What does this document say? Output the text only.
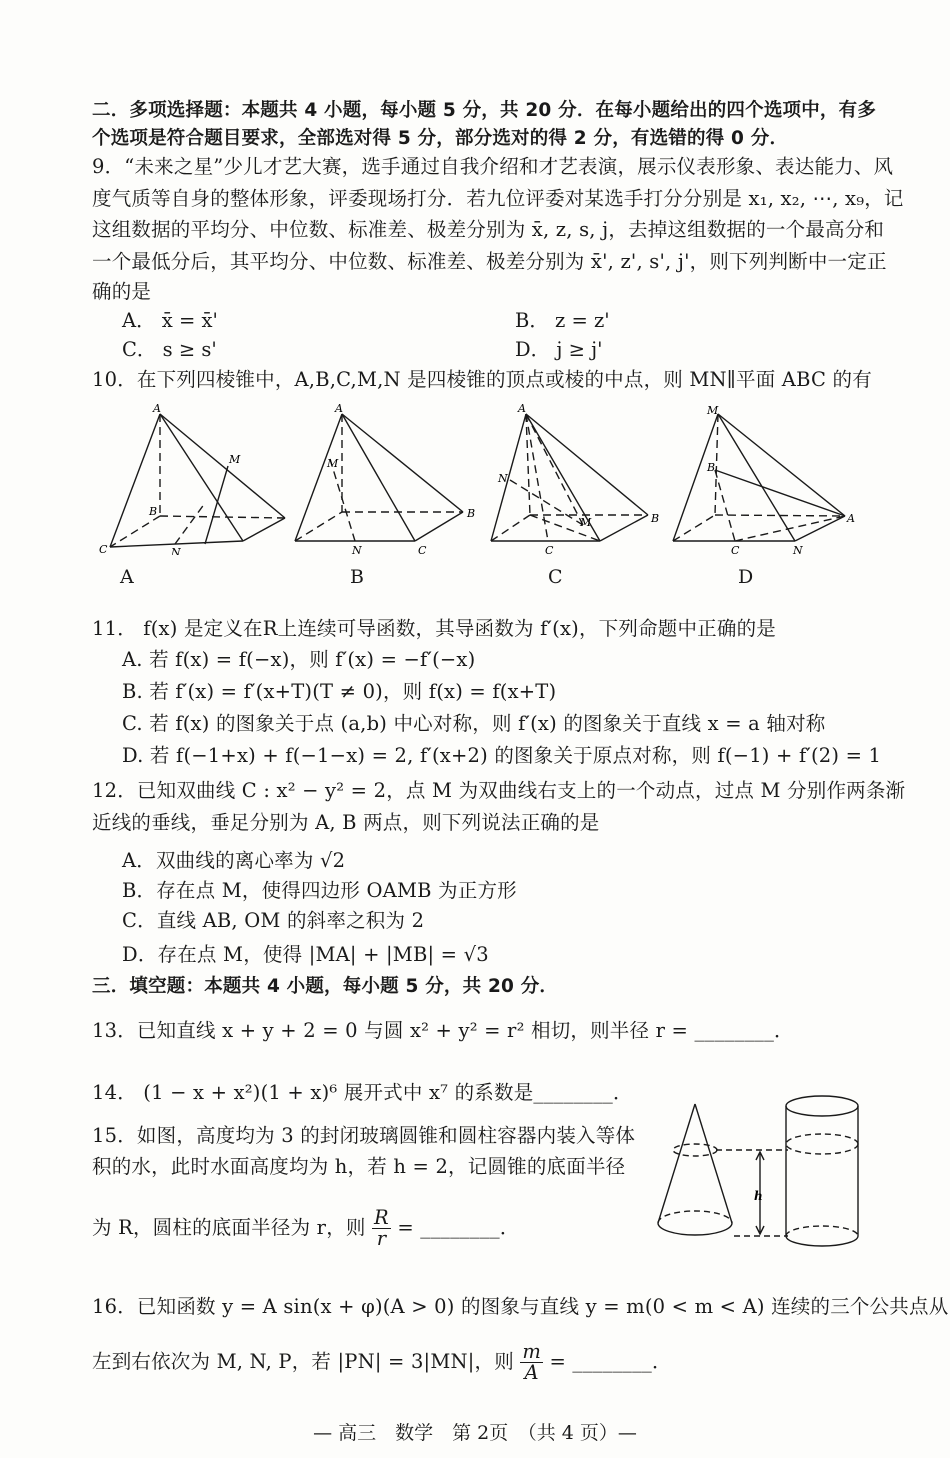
二．多项选择题：本题共 4 小题，每小题 5 分，共 20 分．在每小题给出的四个选项中，有多
个选项是符合题目要求，全部选对得 5 分，部分选对的得 2 分，有选错的得 0 分．
9．“未来之星”少儿才艺大赛，选手通过自我介绍和才艺表演，展示仪表形象、表达能力、风
度气质等自身的整体形象，评委现场打分．若九位评委对某选手打分分别是 x₁, x₂, ⋯, x₉，记
这组数据的平均分、中位数、标准差、极差分别为 x̄, z, s, j，去掉这组数据的一个最高分和
一个最低分后，其平均分、中位数、标准差、极差分别为 x̄', z', s', j'，则下列判断中一定正
确的是
A． x̄ = x̄'	B． z = z'
C． s ≥ s'	D． j ≥ j'
10．在下列四棱锥中，A,B,C,M,N 是四棱锥的顶点或棱的中点，则 MN∥平面 ABC 的有
A
M
B
C	N
A
M
B
N	C
A
N
M	B
C
M
B
A
C	N
A	B	C	D
11． f(x) 是定义在R上连续可导函数，其导函数为 f′(x)，下列命题中正确的是
A. 若 f(x) = f(−x)，则 f′(x) = −f′(−x)
B. 若 f′(x) = f′(x+T)(T ≠ 0)，则 f(x) = f(x+T)
C. 若 f(x) 的图象关于点 (a,b) 中心对称，则 f′(x) 的图象关于直线 x = a 轴对称
D. 若 f(−1+x) + f(−1−x) = 2, f′(x+2) 的图象关于原点对称，则 f(−1) + f′(2) = 1
12．已知双曲线 C : x² − y² = 2，点 M 为双曲线右支上的一个动点，过点 M 分别作两条渐
近线的垂线，垂足分别为 A, B 两点，则下列说法正确的是
A．双曲线的离心率为 √2
B．存在点 M，使得四边形 OAMB 为正方形
C．直线 AB, OM 的斜率之积为 2
D．存在点 M，使得 |MA| + |MB| = √3
三．填空题：本题共 4 小题，每小题 5 分，共 20 分．
13．已知直线 x + y + 2 = 0 与圆 x² + y² = r² 相切，则半径 r = ________．
14． (1 − x + x²)(1 + x)⁶ 展开式中 x⁷ 的系数是________．
15．如图，高度均为 3 的封闭玻璃圆锥和圆柱容器内装入等体
积的水，此时水面高度均为 h，若 h = 2，记圆锥的底面半径
为 R，圆柱的底面半径为 r，则 $\frac{R}{r}$ = ________．
h
16．已知函数 y = A sin(x + φ)(A > 0) 的图象与直线 y = m(0 < m < A) 连续的三个公共点从
左到右依次为 M, N, P，若 |PN| = 3|MN|，则 $\frac{m}{A}$ = ________．
— 高三　数学　第 2页　（共 4 页）—
